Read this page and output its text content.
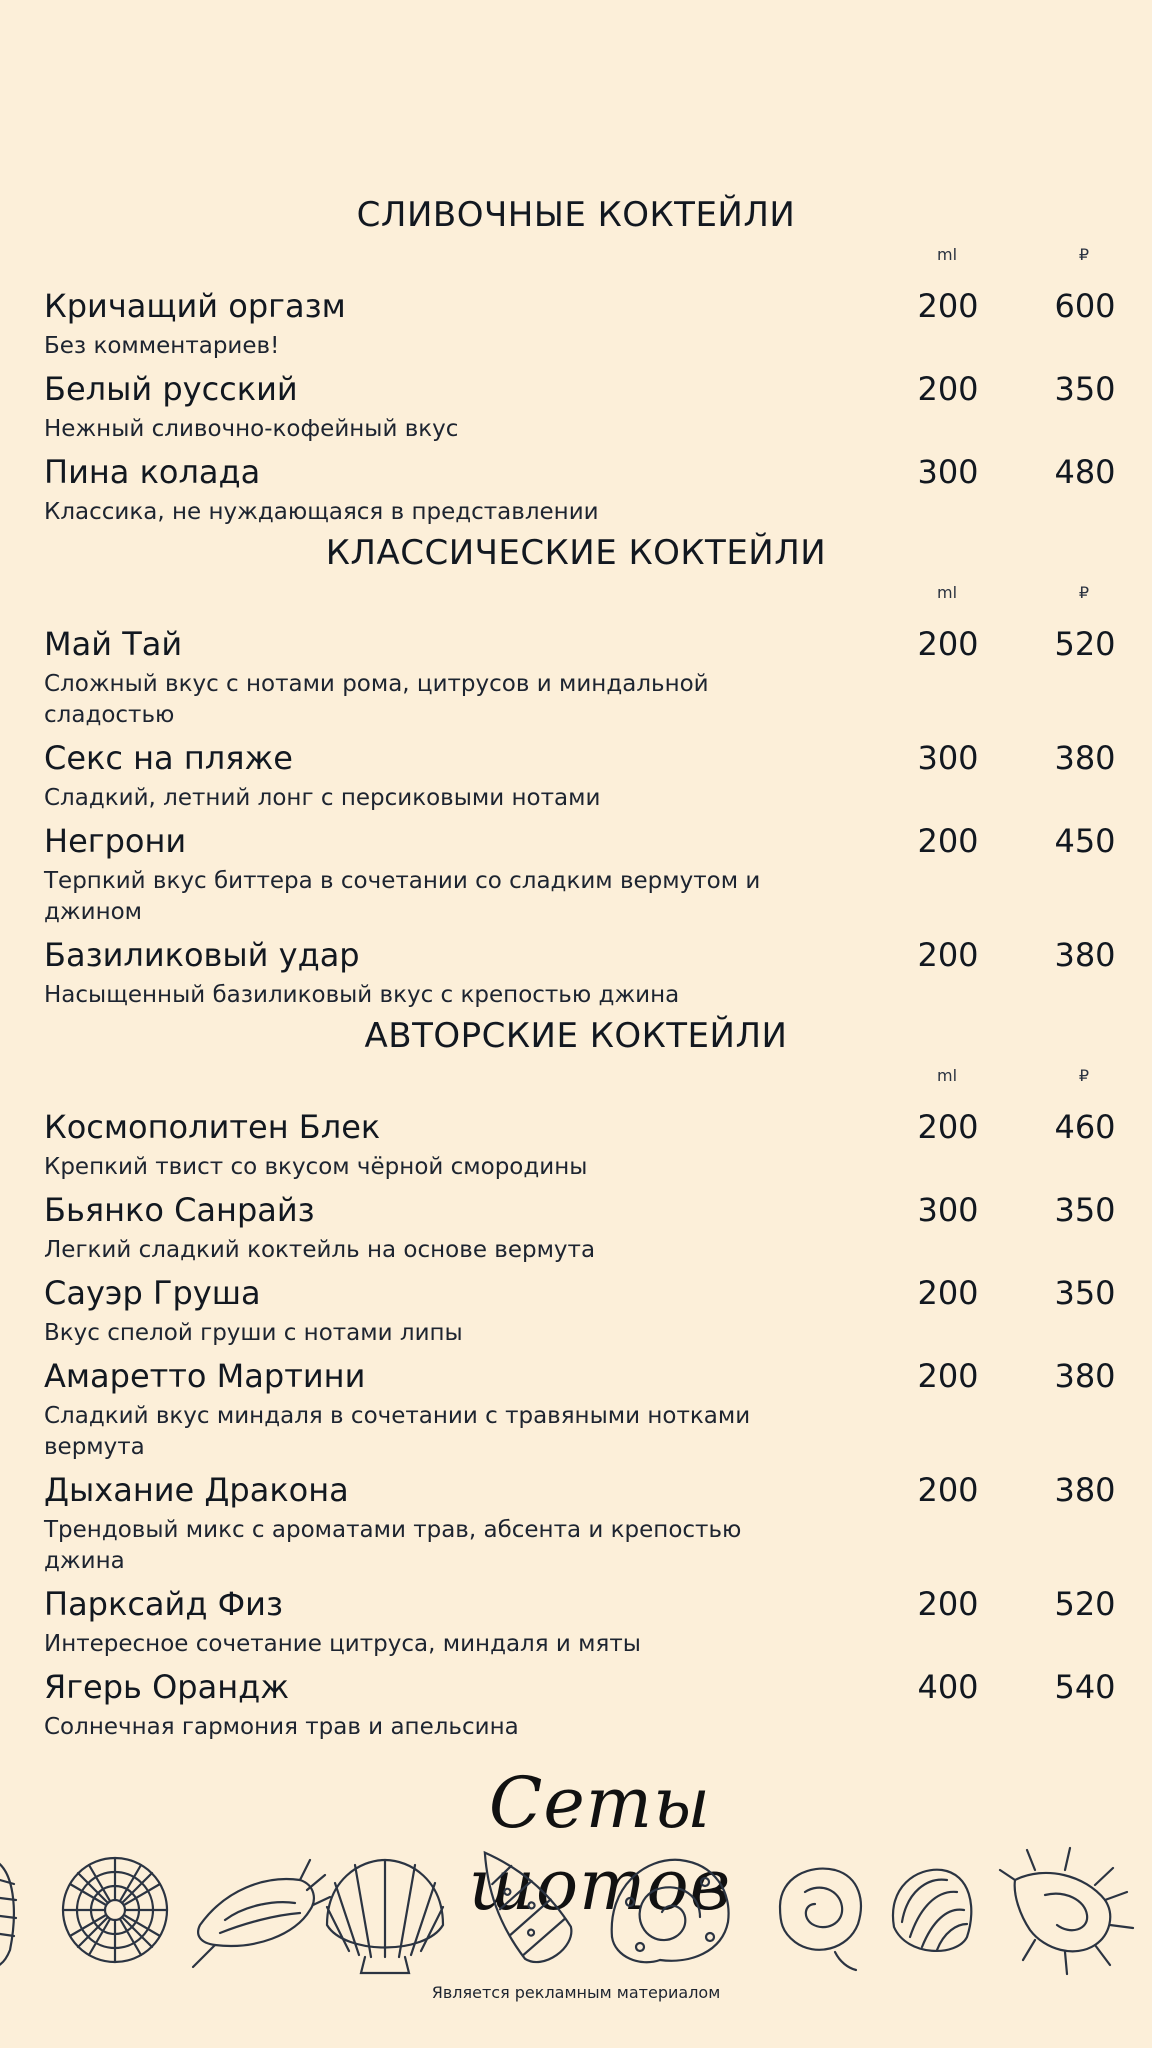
СЛИВОЧНЫЕ КОКТЕЙЛИ
ml	₽
Кричащий оргазм
Без комментариев!
200	600
Белый русский
Нежный сливочно-кофейный вкус
200	350
Пина колада
Классика, не нуждающаяся в представлении
300	480
КЛАССИЧЕСКИЕ КОКТЕЙЛИ
ml	₽
Май Тай
Сложный вкус с нотами рома, цитрусов и миндальной сладостью
200	520
Секс на пляже
Сладкий, летний лонг с персиковыми нотами
300	380
Негрони
Терпкий вкус биттера в сочетании со сладким вермутом и джином
200	450
Базиликовый удар
Насыщенный базиликовый вкус с крепостью джина
200	380
АВТОРСКИЕ КОКТЕЙЛИ
ml	₽
Космополитен Блек
Крепкий твист со вкусом чёрной смородины
200	460
Бьянко Санрайз
Легкий сладкий коктейль на основе вермута
300	350
Сауэр Груша
Вкус спелой груши с нотами липы
200	350
Амаретто Мартини
Сладкий вкус миндаля в сочетании с травяными нотками вермута
200	380
Дыхание Дракона
Трендовый микс с ароматами трав, абсента и крепостью джина
200	380
Парксайд Физ
Интересное сочетание цитруса, миндаля и мяты
200	520
Ягерь Орандж
Солнечная гармония трав и апельсина
400	540
Сеты шотов
Является рекламным материалом
